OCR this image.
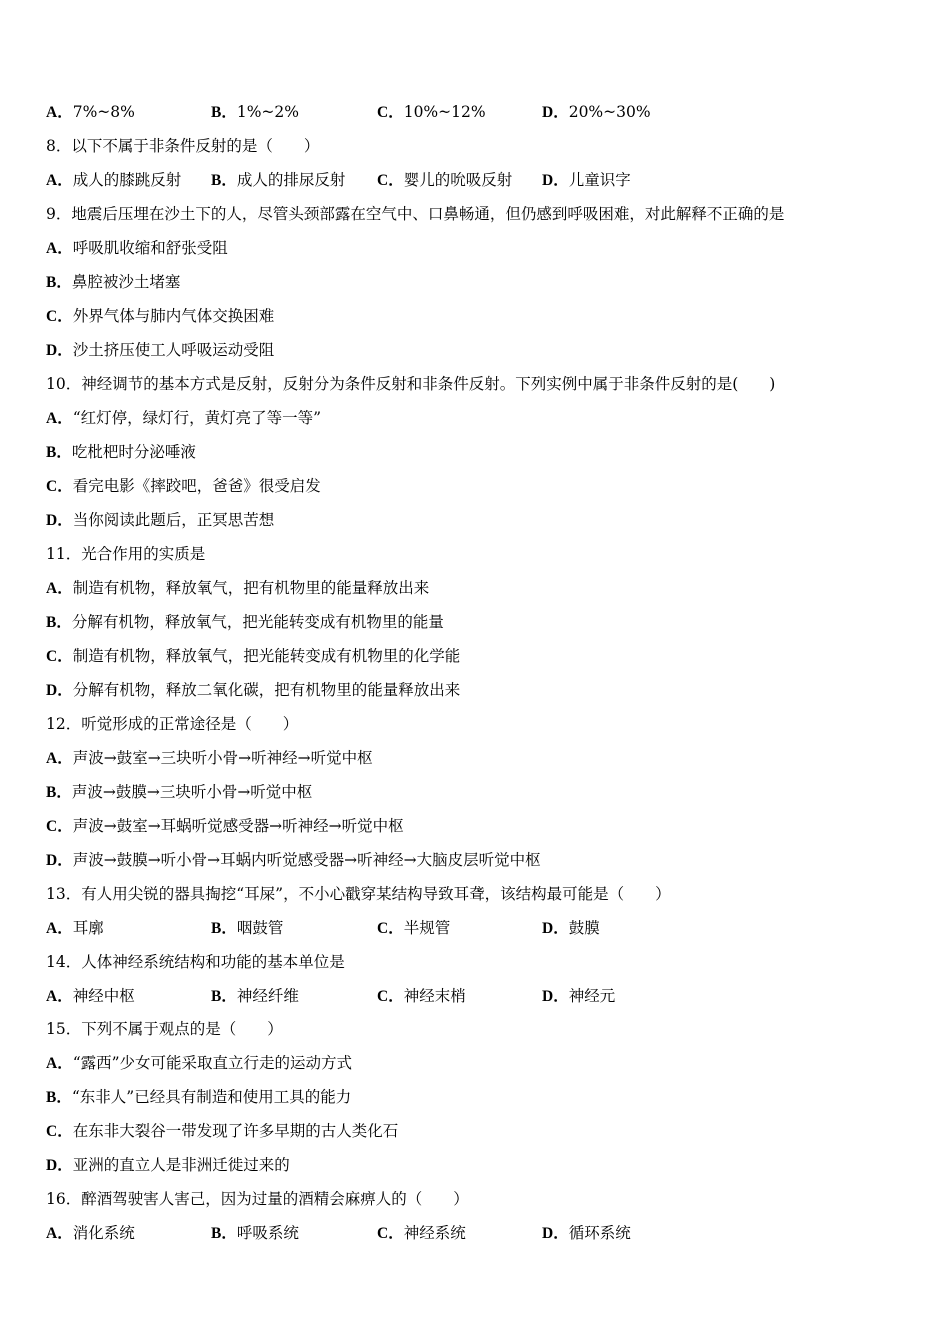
A．7%~8%	B．1%~2%	C．10%~12%	D．20%~30%
8．以下不属于非条件反射的是（　　）
A．成人的膝跳反射 B．成人的排尿反射 C．婴儿的吮吸反射 D．儿童识字
9．地震后压埋在沙土下的人，尽管头颈部露在空气中、口鼻畅通，但仍感到呼吸困难，对此解释不正确的是
A．呼吸肌收缩和舒张受阻
B．鼻腔被沙土堵塞
C．外界气体与肺内气体交换困难
D．沙土挤压使工人呼吸运动受阻
10．神经调节的基本方式是反射，反射分为条件反射和非条件反射。下列实例中属于非条件反射的是(　　)
A．“红灯停，绿灯行，黄灯亮了等一等”
B．吃枇杷时分泌唾液
C．看完电影《摔跤吧，爸爸》很受启发
D．当你阅读此题后，正冥思苦想
11．光合作用的实质是
A．制造有机物，释放氧气，把有机物里的能量释放出来
B．分解有机物，释放氧气，把光能转变成有机物里的能量
C．制造有机物，释放氧气，把光能转变成有机物里的化学能
D．分解有机物，释放二氧化碳，把有机物里的能量释放出来
12．听觉形成的正常途径是（　　）
A．声波→鼓室→三块听小骨→听神经→听觉中枢
B．声波→鼓膜→三块听小骨→听觉中枢
C．声波→鼓室→耳蜗听觉感受器→听神经→听觉中枢
D．声波→鼓膜→听小骨→耳蜗内听觉感受器→听神经→大脑皮层听觉中枢
13．有人用尖锐的器具掏挖“耳屎”，不小心戳穿某结构导致耳聋，该结构最可能是（　　）
A．耳廓	B．咽鼓管	C．半规管	D．鼓膜
14．人体神经系统结构和功能的基本单位是
A．神经中枢	B．神经纤维	C．神经末梢	D．神经元
15．下列不属于观点的是（　　）
A．“露西”少女可能采取直立行走的运动方式
B．“东非人”已经具有制造和使用工具的能力
C．在东非大裂谷一带发现了许多早期的古人类化石
D．亚洲的直立人是非洲迁徙过来的
16．醉酒驾驶害人害己，因为过量的酒精会麻痹人的（　　）
A．消化系统	B．呼吸系统	C．神经系统	D．循环系统
